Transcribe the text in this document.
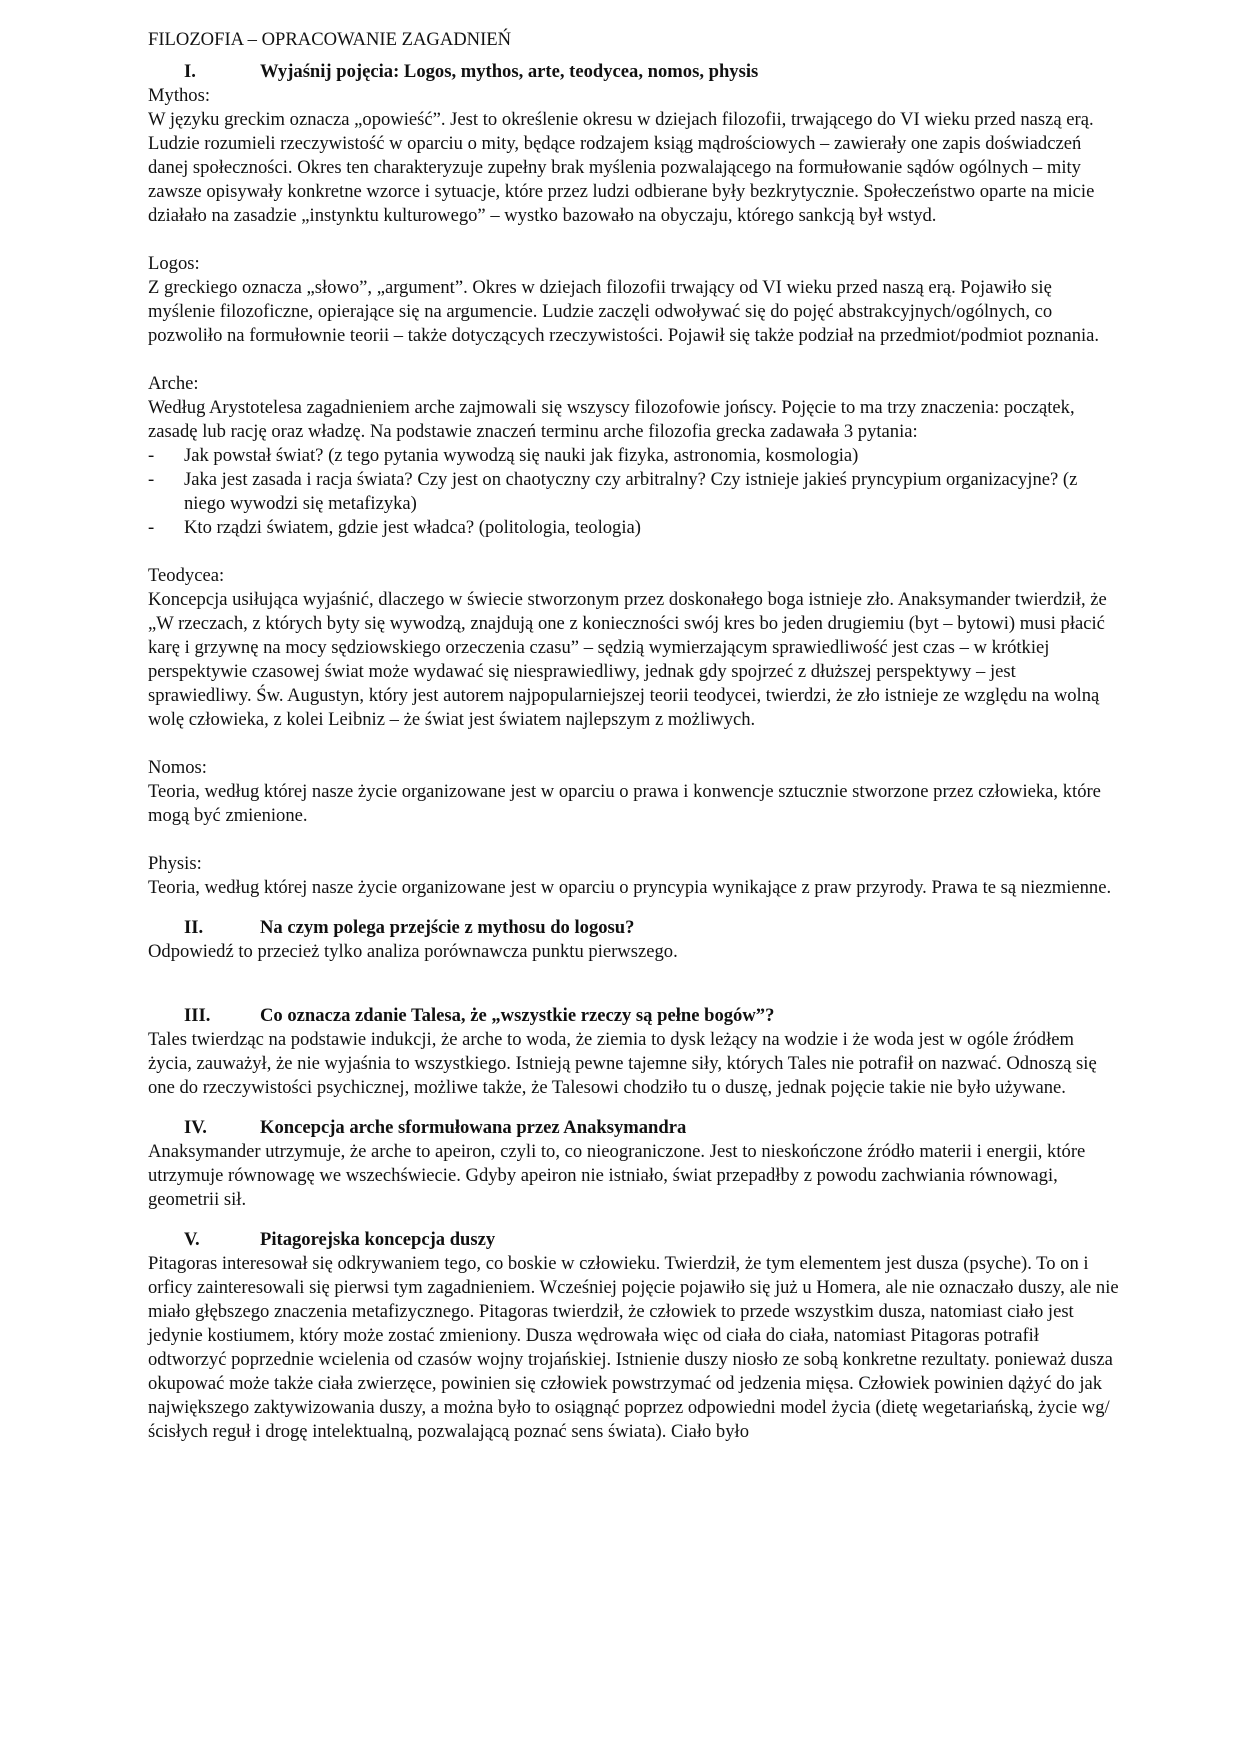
FILOZOFIA – OPRACOWANIE ZAGADNIEŃ
I.	Wyjaśnij pojęcia: Logos, mythos, arte, teodycea, nomos, physis

Mythos:

W języku greckim oznacza „opowieść”. Jest to określenie okresu w dziejach filozofii, trwającego do VI wieku przed naszą erą. Ludzie rozumieli rzeczywistość w oparciu o mity, będące rodzajem ksiąg mądrościowych – zawierały one zapis doświadczeń danej społeczności. Okres ten charakteryzuje zupełny brak myślenia pozwalającego na formułowanie sądów ogólnych – mity zawsze opisywały konkretne wzorce i sytuacje, które przez ludzi odbierane były bezkrytycznie. Społeczeństwo oparte na micie działało na zasadzie „instynktu kulturowego” – wystko bazowało na obyczaju, którego sankcją był wstyd.

Logos:

Z greckiego oznacza „słowo”, „argument”. Okres w dziejach filozofii trwający od VI wieku przed naszą erą. Pojawiło się myślenie filozoficzne, opierające się na argumencie. Ludzie zaczęli odwoływać się do pojęć abstrakcyjnych/ogólnych, co pozwoliło na formułownie teorii – także dotyczących rzeczywistości. Pojawił się także podział na przedmiot/podmiot poznania.

Arche:

Według Arystotelesa zagadnieniem arche zajmowali się wszyscy filozofowie jońscy. Pojęcie to ma trzy znaczenia: początek, zasadę lub rację oraz władzę. Na podstawie znaczeń terminu arche filozofia grecka zadawała 3 pytania:

-	Jak powstał świat? (z tego pytania wywodzą się nauki jak fizyka, astronomia, kosmologia)
-	Jaka jest zasada i racja świata? Czy jest on chaotyczny czy arbitralny? Czy istnieje jakieś pryncypium organizacyjne? (z niego wywodzi się metafizyka)
-	Kto rządzi światem, gdzie jest władca? (politologia, teologia)

Teodycea:

Koncepcja usiłująca wyjaśnić, dlaczego w świecie stworzonym przez doskonałego boga istnieje zło. Anaksymander twierdził, że „W rzeczach, z których byty się wywodzą, znajdują one z konieczności swój kres bo jeden drugiemiu (byt – bytowi) musi płacić karę i grzywnę na mocy sędziowskiego orzeczenia czasu” – sędzią wymierzającym sprawiedliwość jest czas – w krótkiej perspektywie czasowej świat może wydawać się niesprawiedliwy, jednak gdy spojrzeć z dłuższej perspektywy – jest sprawiedliwy. Św. Augustyn, który jest autorem najpopularniejszej teorii teodycei, twierdzi, że zło istnieje ze względu na wolną wolę człowieka, z kolei Leibniz – że świat jest światem najlepszym z możliwych.

Nomos:

Teoria, według której nasze życie organizowane jest w oparciu o prawa i konwencje sztucznie stworzone przez człowieka, które mogą być zmienione.

Physis:

Teoria, według której nasze życie organizowane jest w oparciu o pryncypia wynikające z praw przyrody. Prawa te są niezmienne.

II.	Na czym polega przejście z mythosu do logosu?

Odpowiedź to przecież tylko analiza porównawcza punktu pierwszego.

III.	Co oznacza zdanie Talesa, że „wszystkie rzeczy są pełne bogów”?

Tales twierdząc na podstawie indukcji, że arche to woda, że ziemia to dysk leżący na wodzie i że woda jest w ogóle źródłem życia, zauważył, że nie wyjaśnia to wszystkiego. Istnieją pewne tajemne siły, których Tales nie potrafił on nazwać. Odnoszą się one do rzeczywistości psychicznej, możliwe także, że Talesowi chodziło tu o duszę, jednak pojęcie takie nie było używane.

IV.	Koncepcja arche sformułowana przez Anaksymandra

Anaksymander utrzymuje, że arche to apeiron, czyli to, co nieograniczone. Jest to nieskończone źródło materii i energii, które utrzymuje równowagę we wszechświecie. Gdyby apeiron nie istniało, świat przepadłby z powodu zachwiania równowagi, geometrii sił.

V.	Pitagorejska koncepcja duszy

Pitagoras interesował się odkrywaniem tego, co boskie w człowieku. Twierdził, że tym elementem jest dusza (psyche). To on i orficy zainteresowali się pierwsi tym zagadnieniem. Wcześniej pojęcie pojawiło się już u Homera, ale nie oznaczało duszy, ale nie miało głębszego znaczenia metafizycznego. Pitagoras twierdził, że człowiek to przede wszystkim dusza, natomiast ciało jest jedynie kostiumem, który może zostać zmieniony. Dusza wędrowała więc od ciała do ciała, natomiast Pitagoras potrafił odtworzyć poprzednie wcielenia od czasów wojny trojańskiej. Istnienie duszy niosło ze sobą konkretne rezultaty. ponieważ dusza okupować może także ciała zwierzęce, powinien się człowiek powstrzymać od jedzenia mięsa. Człowiek powinien dążyć do jak największego zaktywizowania duszy, a można było to osiągnąć poprzez odpowiedni model życia (dietę wegetariańską, życie wg/ścisłych reguł i drogę intelektualną, pozwalającą poznać sens świata). Ciało było
